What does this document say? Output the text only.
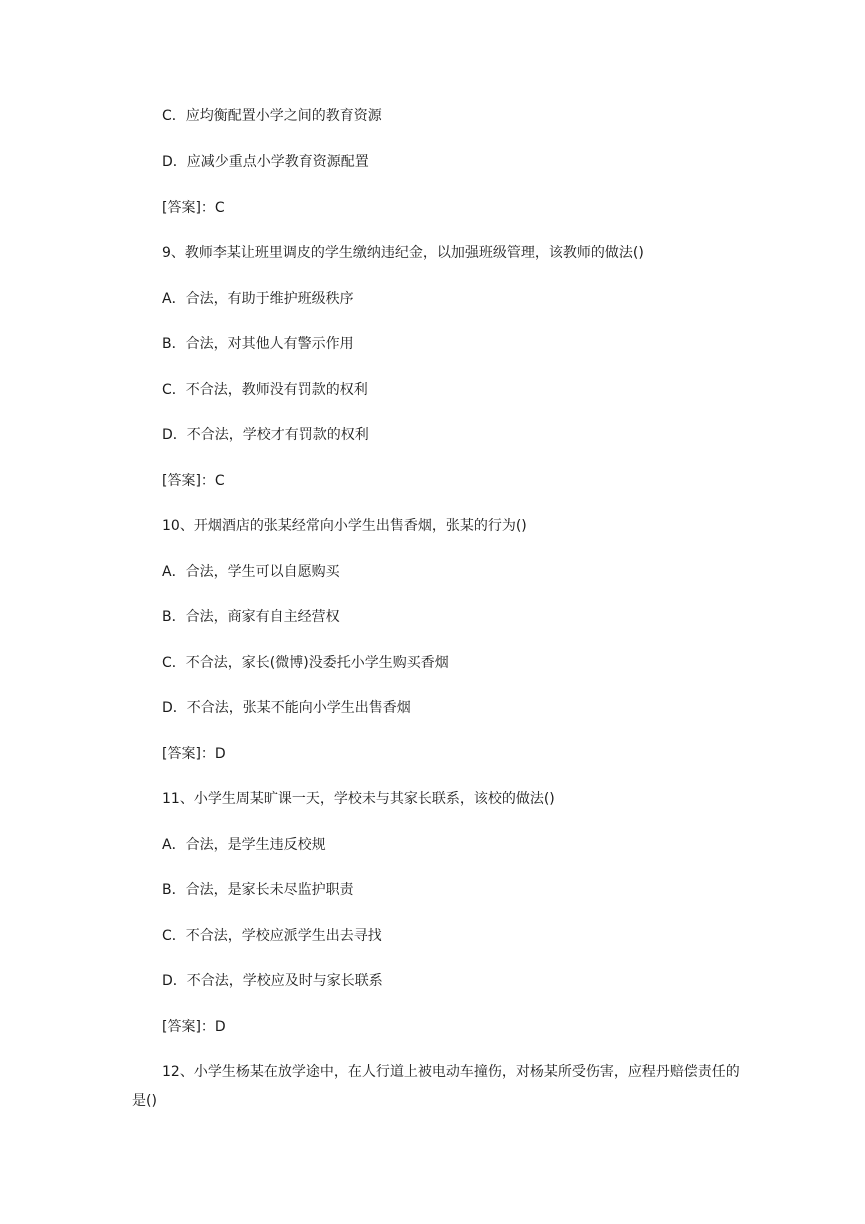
C．应均衡配置小学之间的教育资源
D．应减少重点小学教育资源配置
[答案]：C
9、教师李某让班里调皮的学生缴纳违纪金，以加强班级管理，该教师的做法()
A．合法，有助于维护班级秩序
B．合法，对其他人有警示作用
C．不合法，教师没有罚款的权利
D．不合法，学校才有罚款的权利
[答案]：C
10、开烟酒店的张某经常向小学生出售香烟，张某的行为()
A．合法，学生可以自愿购买
B．合法，商家有自主经营权
C．不合法，家长(微博)没委托小学生购买香烟
D．不合法，张某不能向小学生出售香烟
[答案]：D
11、小学生周某旷课一天，学校未与其家长联系，该校的做法()
A．合法，是学生违反校规
B．合法，是家长未尽监护职责
C．不合法，学校应派学生出去寻找
D．不合法，学校应及时与家长联系
[答案]：D
12、小学生杨某在放学途中，在人行道上被电动车撞伤，对杨某所受伤害，应程丹赔偿责任的是()
